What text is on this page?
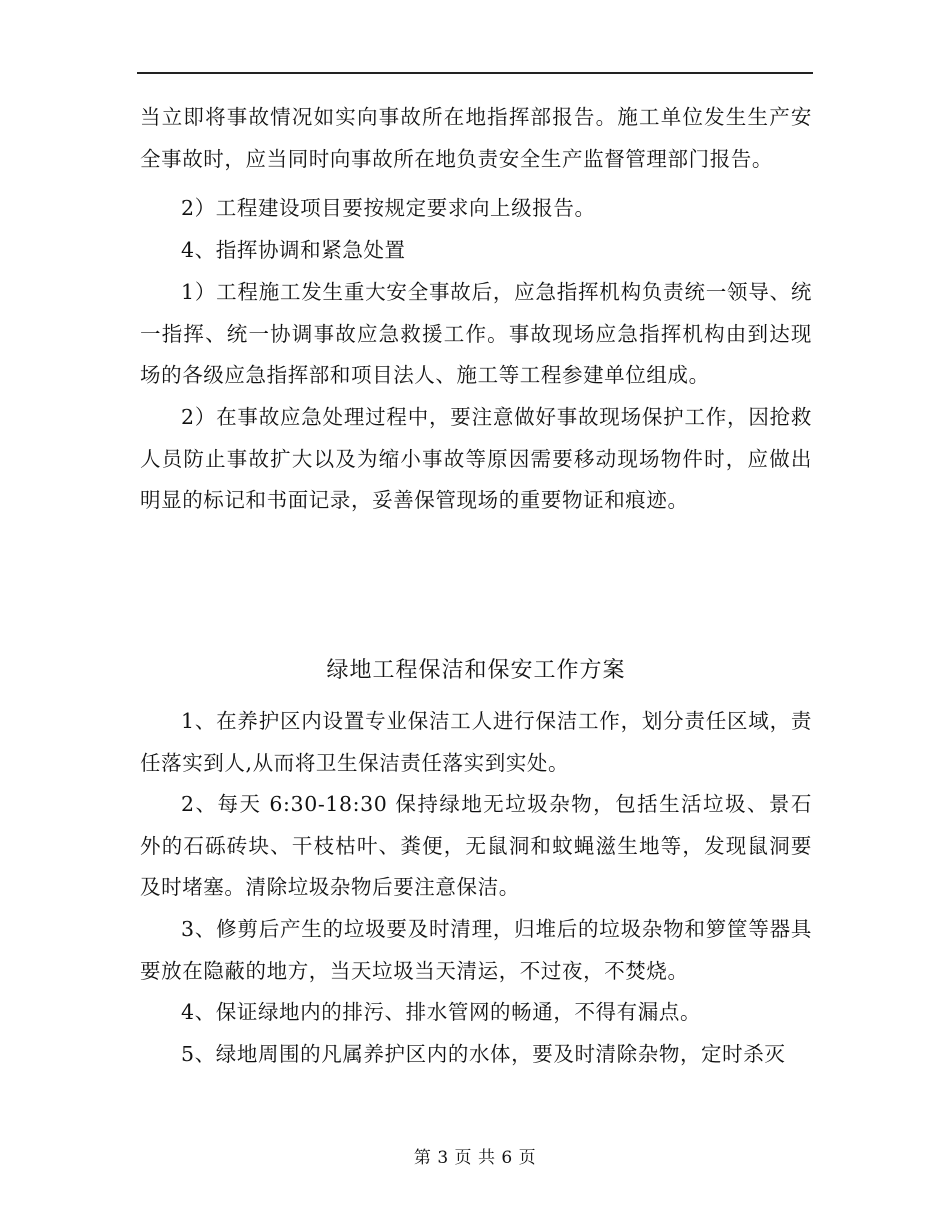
当立即将事故情况如实向事故所在地指挥部报告。施工单位发生生产安全事故时，应当同时向事故所在地负责安全生产监督管理部门报告。

2）工程建设项目要按规定要求向上级报告。

4、指挥协调和紧急处置

1）工程施工发生重大安全事故后，应急指挥机构负责统一领导、统一指挥、统一协调事故应急救援工作。事故现场应急指挥机构由到达现场的各级应急指挥部和项目法人、施工等工程参建单位组成。

2）在事故应急处理过程中，要注意做好事故现场保护工作，因抢救人员防止事故扩大以及为缩小事故等原因需要移动现场物件时，应做出明显的标记和书面记录，妥善保管现场的重要物证和痕迹。

绿地工程保洁和保安工作方案

1、在养护区内设置专业保洁工人进行保洁工作，划分责任区域，责任落实到人,从而将卫生保洁责任落实到实处。

2、每天 6:30-18:30 保持绿地无垃圾杂物，包括生活垃圾、景石外的石砾砖块、干枝枯叶、粪便，无鼠洞和蚊蝇滋生地等，发现鼠洞要及时堵塞。清除垃圾杂物后要注意保洁。

3、修剪后产生的垃圾要及时清理，归堆后的垃圾杂物和箩筐等器具要放在隐蔽的地方，当天垃圾当天清运，不过夜，不焚烧。

4、保证绿地内的排污、排水管网的畅通，不得有漏点。

5、绿地周围的凡属养护区内的水体，要及时清除杂物，定时杀灭

第 3 页 共 6 页
